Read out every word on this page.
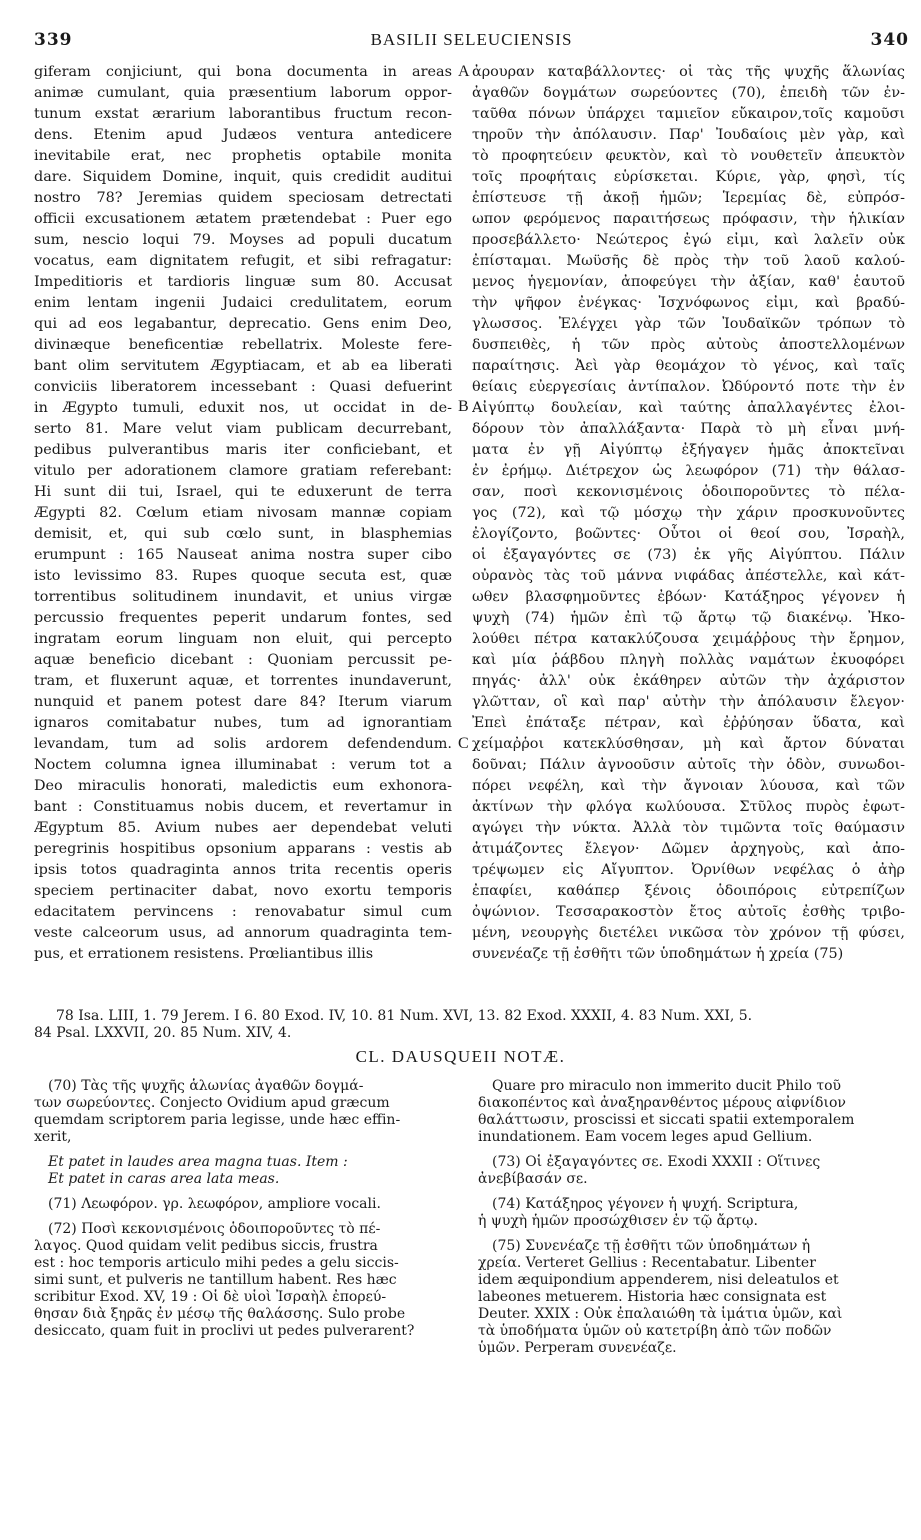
339	BASILII SELEUCIENSIS	340
giferam conjiciunt, qui bona documenta in areas
animæ cumulant, quia præsentium laborum oppor-
tunum exstat ærarium laborantibus fructum recon-
dens. Etenim apud Judæos ventura antedicere
inevitabile erat, nec prophetis optabile monita
dare. Siquidem Domine, inquit, quis credidit auditui
nostro 78? Jeremias quidem speciosam detrectati
officii excusationem ætatem prætendebat : Puer ego
sum, nescio loqui 79. Moyses ad populi ducatum
vocatus, eam dignitatem refugit, et sibi refragatur:
Impeditioris et tardioris linguæ sum 80. Accusat
enim lentam ingenii Judaici credulitatem, eorum
qui ad eos legabantur, deprecatio. Gens enim Deo,
divinæque beneficentiæ rebellatrix. Moleste fere-
bant olim servitutem Ægyptiacam, et ab ea liberati
conviciis liberatorem incessebant : Quasi defuerint
in Ægypto tumuli, eduxit nos, ut occidat in de-
serto 81. Mare velut viam publicam decurrebant,
pedibus pulverantibus maris iter conficiebant, et
vitulo per adorationem clamore gratiam referebant:
Hi sunt dii tui, Israel, qui te eduxerunt de terra
Ægypti 82. Cœlum etiam nivosam mannæ copiam
demisit, et, qui sub cœlo sunt, in blasphemias
erumpunt : 165 Nauseat anima nostra super cibo
isto levissimo 83. Rupes quoque secuta est, quæ
torrentibus solitudinem inundavit, et unius virgæ
percussio frequentes peperit undarum fontes, sed
ingratam eorum linguam non eluit, qui percepto
aquæ beneficio dicebant : Quoniam percussit pe-
tram, et fluxerunt aquæ, et torrentes inundaverunt,
nunquid et panem potest dare 84? Iterum viarum
ignaros comitabatur nubes, tum ad ignorantiam
levandam, tum ad solis ardorem defendendum.
Noctem columna ignea illuminabat : verum tot a
Deo miraculis honorati, maledictis eum exhonora-
bant : Constituamus nobis ducem, et revertamur in
Ægyptum 85. Avium nubes aer dependebat veluti
peregrinis hospitibus opsonium apparans : vestis ab
ipsis totos quadraginta annos trita recentis operis
speciem pertinaciter dabat, novo exortu temporis
edacitatem pervincens : renovabatur simul cum
veste calceorum usus, ad annorum quadraginta tem-
pus, et errationem resistens. Prœliantibus illis
ἀρουραν καταβάλλοντες· οἱ τὰς τῆς ψυχῆς ἅλωνίας
ἀγαθῶν δογμάτων σωρεύοντες (70), ἐπειδὴ τῶν ἐν-
ταῦθα πόνων ὑπάρχει ταμιεῖον εὔκαιρον,τοῖς καμοῦσι
τηροῦν τὴν ἀπόλαυσιν. Παρ' Ἰουδαίοις μὲν γὰρ, καὶ
τὸ προφητεύειν φευκτὸν, καὶ τὸ νουθετεῖν ἀπευκτὸν
τοῖς προφήταις εὑρίσκεται. Κύριε, γὰρ, φησὶ, τίς
ἐπίστευσε τῇ ἀκοῇ ἡμῶν; Ἱερεμίας δὲ, εὐπρόσ-
ωπον φερόμενος παραιτήσεως πρόφασιν, τὴν ἡλικίαν
προσεβάλλετο· Νεώτερος ἐγώ εἰμι, καὶ λαλεῖν οὐκ
ἐπίσταμαι. Μωϋσῆς δὲ πρὸς τὴν τοῦ λαοῦ καλού-
μενος ἡγεμονίαν, ἀποφεύγει τὴν ἀξίαν, καθ' ἑαυτοῦ
τὴν ψῆφον ἐνέγκας· Ἰσχνόφωνος εἰμι, καὶ βραδύ-
γλωσσος. Ἐλέγχει γὰρ τῶν Ἰουδαϊκῶν τρόπων τὸ
δυσπειθὲς, ἡ τῶν πρὸς αὐτοὺς ἀποστελλομένων
παραίτησις. Ἀεὶ γὰρ θεομάχον τὸ γένος, καὶ ταῖς
θείαις εὐεργεσίαις ἀντίπαλον. Ὠδύροντό ποτε τὴν ἐν
Αἰγύπτῳ δουλείαν, καὶ ταύτης ἀπαλλαγέντες ἐλοι-
δόρουν τὸν ἀπαλλάξαντα· Παρὰ τὸ μὴ εἶναι μνή-
ματα ἐν γῇ Αἰγύπτῳ ἐξήγαγεν ἡμᾶς ἀποκτεῖναι
ἐν ἐρήμῳ. Διέτρεχον ὡς λεωφόρον (71) τὴν θάλασ-
σαν, ποσὶ κεκονισμένοις ὁδοιποροῦντες τὸ πέλα-
γος (72), καὶ τῷ μόσχῳ τὴν χάριν προσκυνοῦντες
ἐλογίζοντο, βοῶντες· Οὗτοι οἱ θεοί σου, Ἰσραὴλ,
οἱ ἐξαγαγόντες σε (73) ἐκ γῆς Αἰγύπτου. Πάλιν
οὐρανὸς τὰς τοῦ μάννα νιφάδας ἀπέστελλε, καὶ κάτ-
ωθεν βλασφημοῦντες ἐβόων· Κατάξηρος γέγονεν ἡ
ψυχὴ (74) ἡμῶν ἐπὶ τῷ ἄρτῳ τῷ διακένῳ. Ἠκο-
λούθει πέτρα κατακλύζουσα χειμάῤῥους τὴν ἔρημον,
καὶ μία ῥάβδου πληγὴ πολλὰς ναμάτων ἐκυοφόρει
πηγάς· ἀλλ' οὐκ ἐκάθηρεν αὐτῶν τὴν ἀχάριστον
γλῶτταν, οἳ καὶ παρ' αὐτὴν τὴν ἀπόλαυσιν ἔλεγον·
Ἐπεὶ ἐπάταξε πέτραν, καὶ ἐῤῥύησαν ὕδατα, καὶ
χείμαῤῥοι κατεκλύσθησαν, μὴ καὶ ἄρτον δύναται
δοῦναι; Πάλιν ἀγνοοῦσιν αὐτοῖς τὴν ὁδὸν, συνωδοι-
πόρει νεφέλη, καὶ τὴν ἄγνοιαν λύουσα, καὶ τῶν
ἀκτίνων τὴν φλόγα κωλύουσα. Στῦλος πυρὸς ἐφωτ-
αγώγει τὴν νύκτα. Ἀλλὰ τὸν τιμῶντα τοῖς θαύμασιν
ἀτιμάζοντες ἔλεγον· Δῶμεν ἀρχηγοὺς, καὶ ἀπο-
τρέψωμεν εἰς Αἴγυπτον. Ὀρνίθων νεφέλας ὁ ἀὴρ
ἐπαφίει, καθάπερ ξένοις ὁδοιπόροις εὐτρεπίζων
ὀψώνιον. Τεσσαρακοστὸν ἔτος αὐτοῖς ἐσθὴς τριβο-
μένη, νεουργὴς διετέλει νικῶσα τὸν χρόνον τῇ φύσει,
συνενέαζε τῇ ἐσθῆτι τῶν ὑποδημάτων ἡ χρεία (75)
A
B
C
78 Isa. LIII, 1. 79 Jerem. I 6. 80 Exod. IV, 10. 81 Num. XVI, 13. 82 Exod. XXXII, 4. 83 Num. XXI, 5.
84 Psal. LXXVII, 20. 85 Num. XIV, 4.
CL. DAUSQUEII NOTÆ.
(70) Τὰς τῆς ψυχῆς ἁλωνίας ἀγαθῶν δογμά-
των σωρεύοντες. Conjecto Ovidium apud græcum
quemdam scriptorem paria legisse, unde hæc effin-
xerit,
Et patet in laudes area magna tuas. Item :
Et patet in caras area lata meas.
(71) Λεωφόρον. γρ. λεωφόρον, ampliore vocali.
(72) Ποσὶ κεκονισμένοις ὁδοιποροῦντες τὸ πέ-
λαγος. Quod quidam velit pedibus siccis, frustra
est : hoc temporis articulo mihi pedes a gelu siccis-
simi sunt, et pulveris ne tantillum habent. Res hæc
scribitur Exod. XV, 19 : Οἱ δὲ υἱοὶ Ἰσραὴλ ἐπορεύ-
θησαν διὰ ξηρᾶς ἐν μέσῳ τῆς θαλάσσης. Sulo probe
desiccato, quam fuit in proclivi ut pedes pulverarent?
Quare pro miraculo non immerito ducit Philo τοῦ
διακοπέντος καὶ ἀναξηρανθέντος μέρους αἰφνίδιον
θαλάττωσιν, proscissi et siccati spatii extemporalem
inundationem. Eam vocem leges apud Gellium.
(73) Οἱ ἐξαγαγόντες σε. Exodi XXXII : Οἵτινες
ἀνεβίβασάν σε.
(74) Κατάξηρος γέγονεν ἡ ψυχή. Scriptura,
ἡ ψυχὴ ἡμῶν προσώχθισεν ἐν τῷ ἄρτῳ.
(75) Συνενέαζε τῇ ἐσθῆτι τῶν ὑποδημάτων ἡ
χρεία. Verteret Gellius : Recentabatur. Libenter
idem æquipondium appenderem, nisi deleatulos et
labeones metuerem. Historia hæc consignata est
Deuter. XXIX : Οὐκ ἐπαλαιώθη τὰ ἱμάτια ὑμῶν, καὶ
τὰ ὑποδήματα ὑμῶν οὐ κατετρίβη ἀπὸ τῶν ποδῶν
ὑμῶν. Perperam συνενέαζε.
